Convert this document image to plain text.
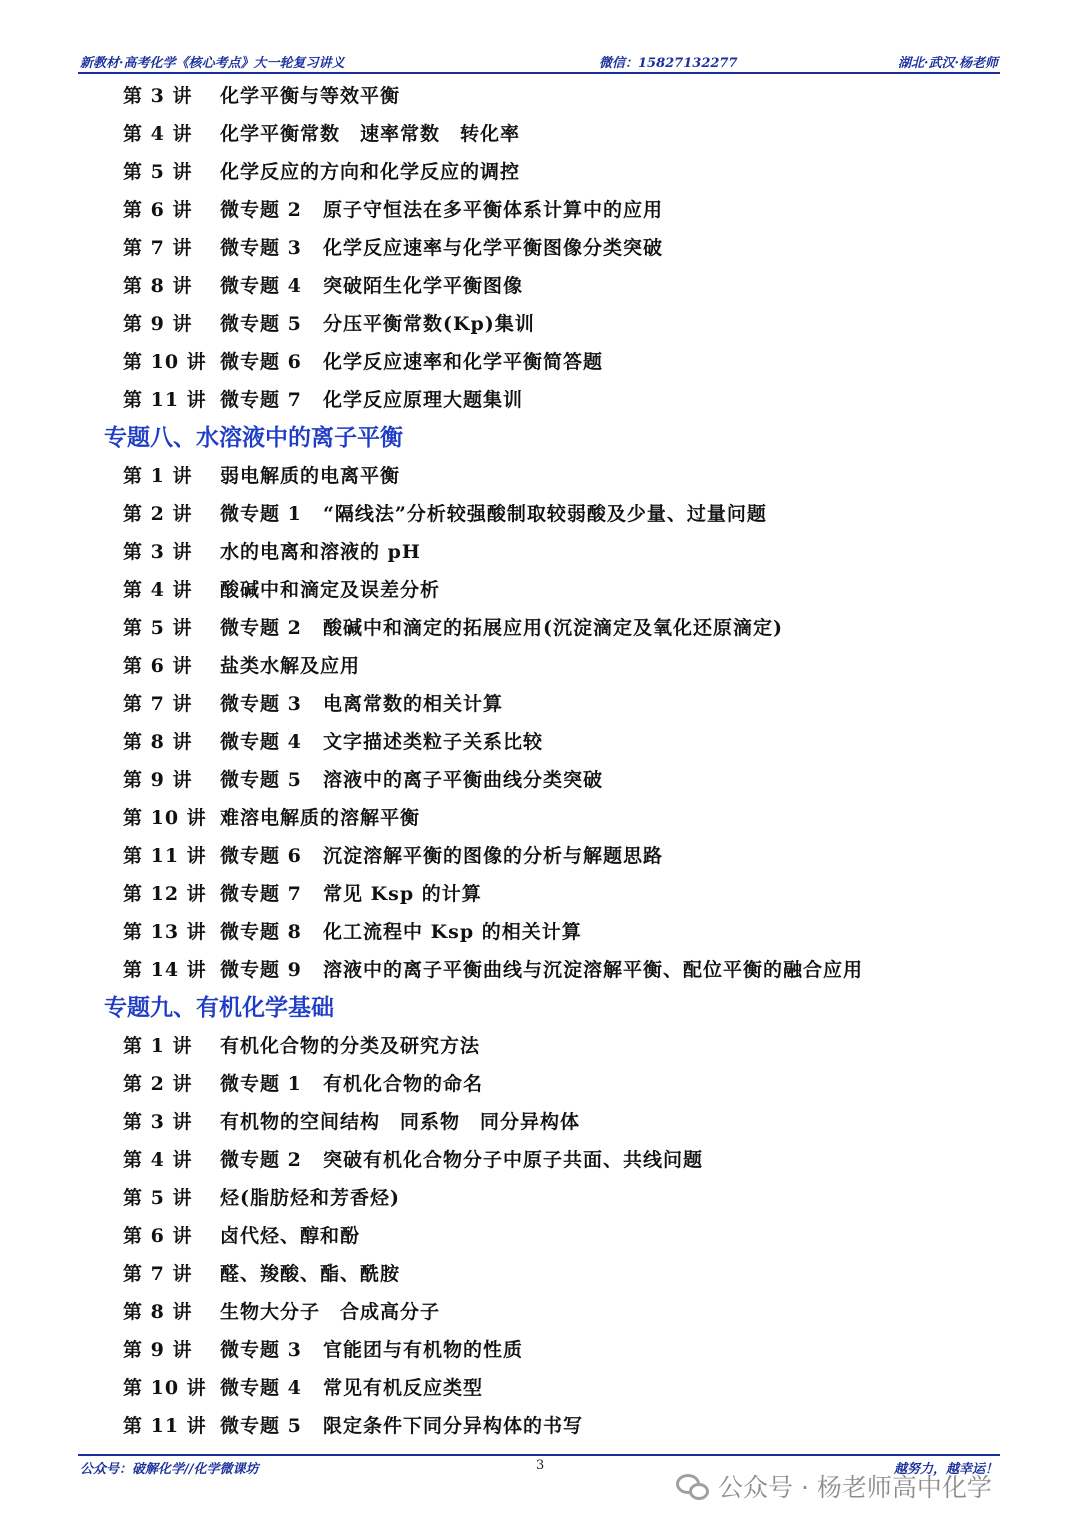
新教材·高考化学《核心考点》大一轮复习讲义	微信：15827132277	湖北·武汉·杨老师
第 3 讲 化学平衡与等效平衡
第 4 讲 化学平衡常数　速率常数　转化率
第 5 讲 化学反应的方向和化学反应的调控
第 6 讲 微专题 2 原子守恒法在多平衡体系计算中的应用
第 7 讲 微专题 3 化学反应速率与化学平衡图像分类突破
第 8 讲 微专题 4 突破陌生化学平衡图像
第 9 讲 微专题 5 分压平衡常数(Kp)集训
第 10 讲 微专题 6 化学反应速率和化学平衡简答题
第 11 讲 微专题 7 化学反应原理大题集训
专题八、水溶液中的离子平衡
第 1 讲 弱电解质的电离平衡
第 2 讲 微专题 1 “隔线法”分析较强酸制取较弱酸及少量、过量问题
第 3 讲 水的电离和溶液的 pH
第 4 讲 酸碱中和滴定及误差分析
第 5 讲 微专题 2 酸碱中和滴定的拓展应用(沉淀滴定及氧化还原滴定)
第 6 讲 盐类水解及应用
第 7 讲 微专题 3 电离常数的相关计算
第 8 讲 微专题 4 文字描述类粒子关系比较
第 9 讲 微专题 5 溶液中的离子平衡曲线分类突破
第 10 讲 难溶电解质的溶解平衡
第 11 讲 微专题 6 沉淀溶解平衡的图像的分析与解题思路
第 12 讲 微专题 7 常见 Ksp 的计算
第 13 讲 微专题 8 化工流程中 Ksp 的相关计算
第 14 讲 微专题 9 溶液中的离子平衡曲线与沉淀溶解平衡、配位平衡的融合应用
专题九、有机化学基础
第 1 讲 有机化合物的分类及研究方法
第 2 讲 微专题 1 有机化合物的命名
第 3 讲 有机物的空间结构　同系物　同分异构体
第 4 讲 微专题 2 突破有机化合物分子中原子共面、共线问题
第 5 讲 烃(脂肪烃和芳香烃)
第 6 讲 卤代烃、醇和酚
第 7 讲 醛、羧酸、酯、酰胺
第 8 讲 生物大分子　合成高分子
第 9 讲 微专题 3 官能团与有机物的性质
第 10 讲 微专题 4 常见有机反应类型
第 11 讲 微专题 5 限定条件下同分异构体的书写
公众号：破解化学//化学微课坊	3	越努力，越幸运！
公众号 · 杨老师高中化学
